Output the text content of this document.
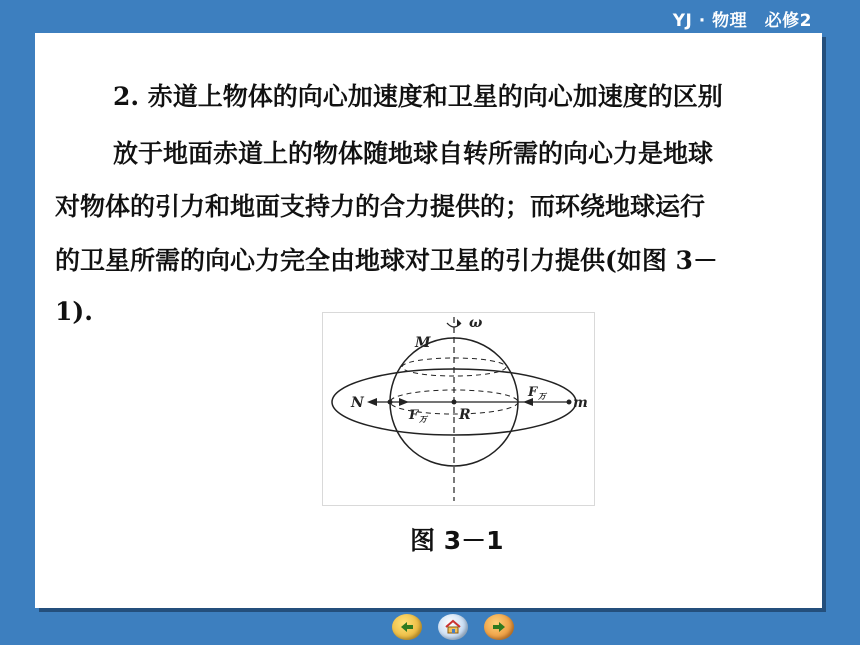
YJ · 物理　必修2
2. 赤道上物体的向心加速度和卫星的向心加速度的区别
放于地面赤道上的物体随地球自转所需的向心力是地球
对物体的引力和地面支持力的合力提供的；而环绕地球运行
的卫星所需的向心力完全由地球对卫星的引力提供(如图 3－
1).	ω
M
N
F 万 R
F 万 m
图 3－1
